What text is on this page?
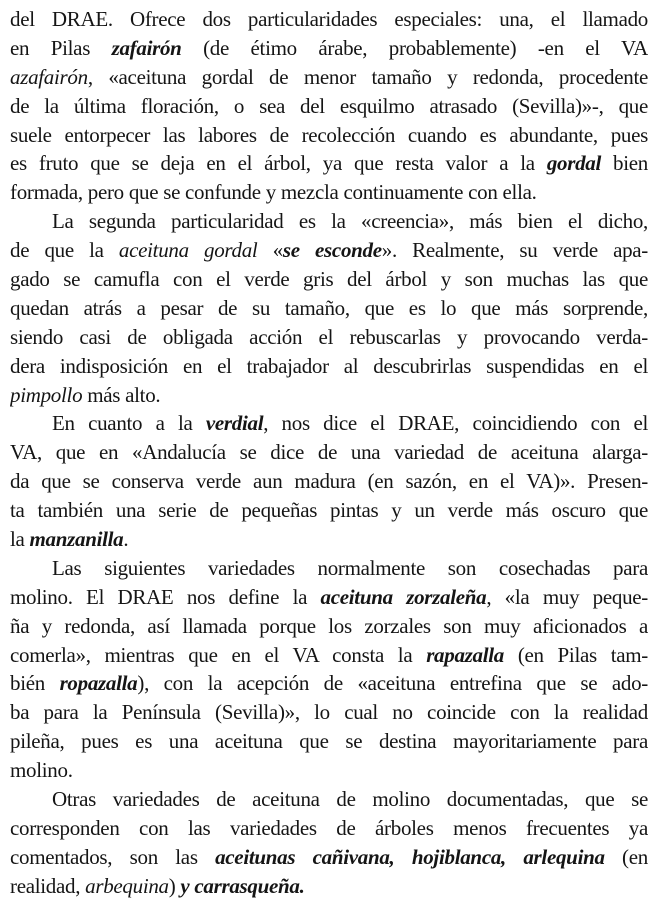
del DRAE. Ofrece dos particularidades especiales: una, el llamado
en Pilas zafairón (de étimo árabe, probablemente) -en el VA
azafairón, «aceituna gordal de menor tamaño y redonda, procedente
de la última floración, o sea del esquilmo atrasado (Sevilla)»-, que
suele entorpecer las labores de recolección cuando es abundante, pues
es fruto que se deja en el árbol, ya que resta valor a la gordal bien
formada, pero que se confunde y mezcla continuamente con ella.
La segunda particularidad es la «creencia», más bien el dicho,
de que la aceituna gordal «se esconde». Realmente, su verde apa-
gado se camufla con el verde gris del árbol y son muchas las que
quedan atrás a pesar de su tamaño, que es lo que más sorprende,
siendo casi de obligada acción el rebuscarlas y provocando verda-
dera indisposición en el trabajador al descubrirlas suspendidas en el
pimpollo más alto.
En cuanto a la verdial, nos dice el DRAE, coincidiendo con el
VA, que en «Andalucía se dice de una variedad de aceituna alarga-
da que se conserva verde aun madura (en sazón, en el VA)». Presen-
ta también una serie de pequeñas pintas y un verde más oscuro que
la manzanilla.
Las siguientes variedades normalmente son cosechadas para
molino. El DRAE nos define la aceituna zorzaleña, «la muy peque-
ña y redonda, así llamada porque los zorzales son muy aficionados a
comerla», mientras que en el VA consta la rapazalla (en Pilas tam-
bién ropazalla), con la acepción de «aceituna entrefina que se ado-
ba para la Península (Sevilla)», lo cual no coincide con la realidad
pileña, pues es una aceituna que se destina mayoritariamente para
molino.
Otras variedades de aceituna de molino documentadas, que se
corresponden con las variedades de árboles menos frecuentes ya
comentados, son las aceitunas cañivana, hojiblanca, arlequina (en
realidad, arbequina) y carrasqueña.
